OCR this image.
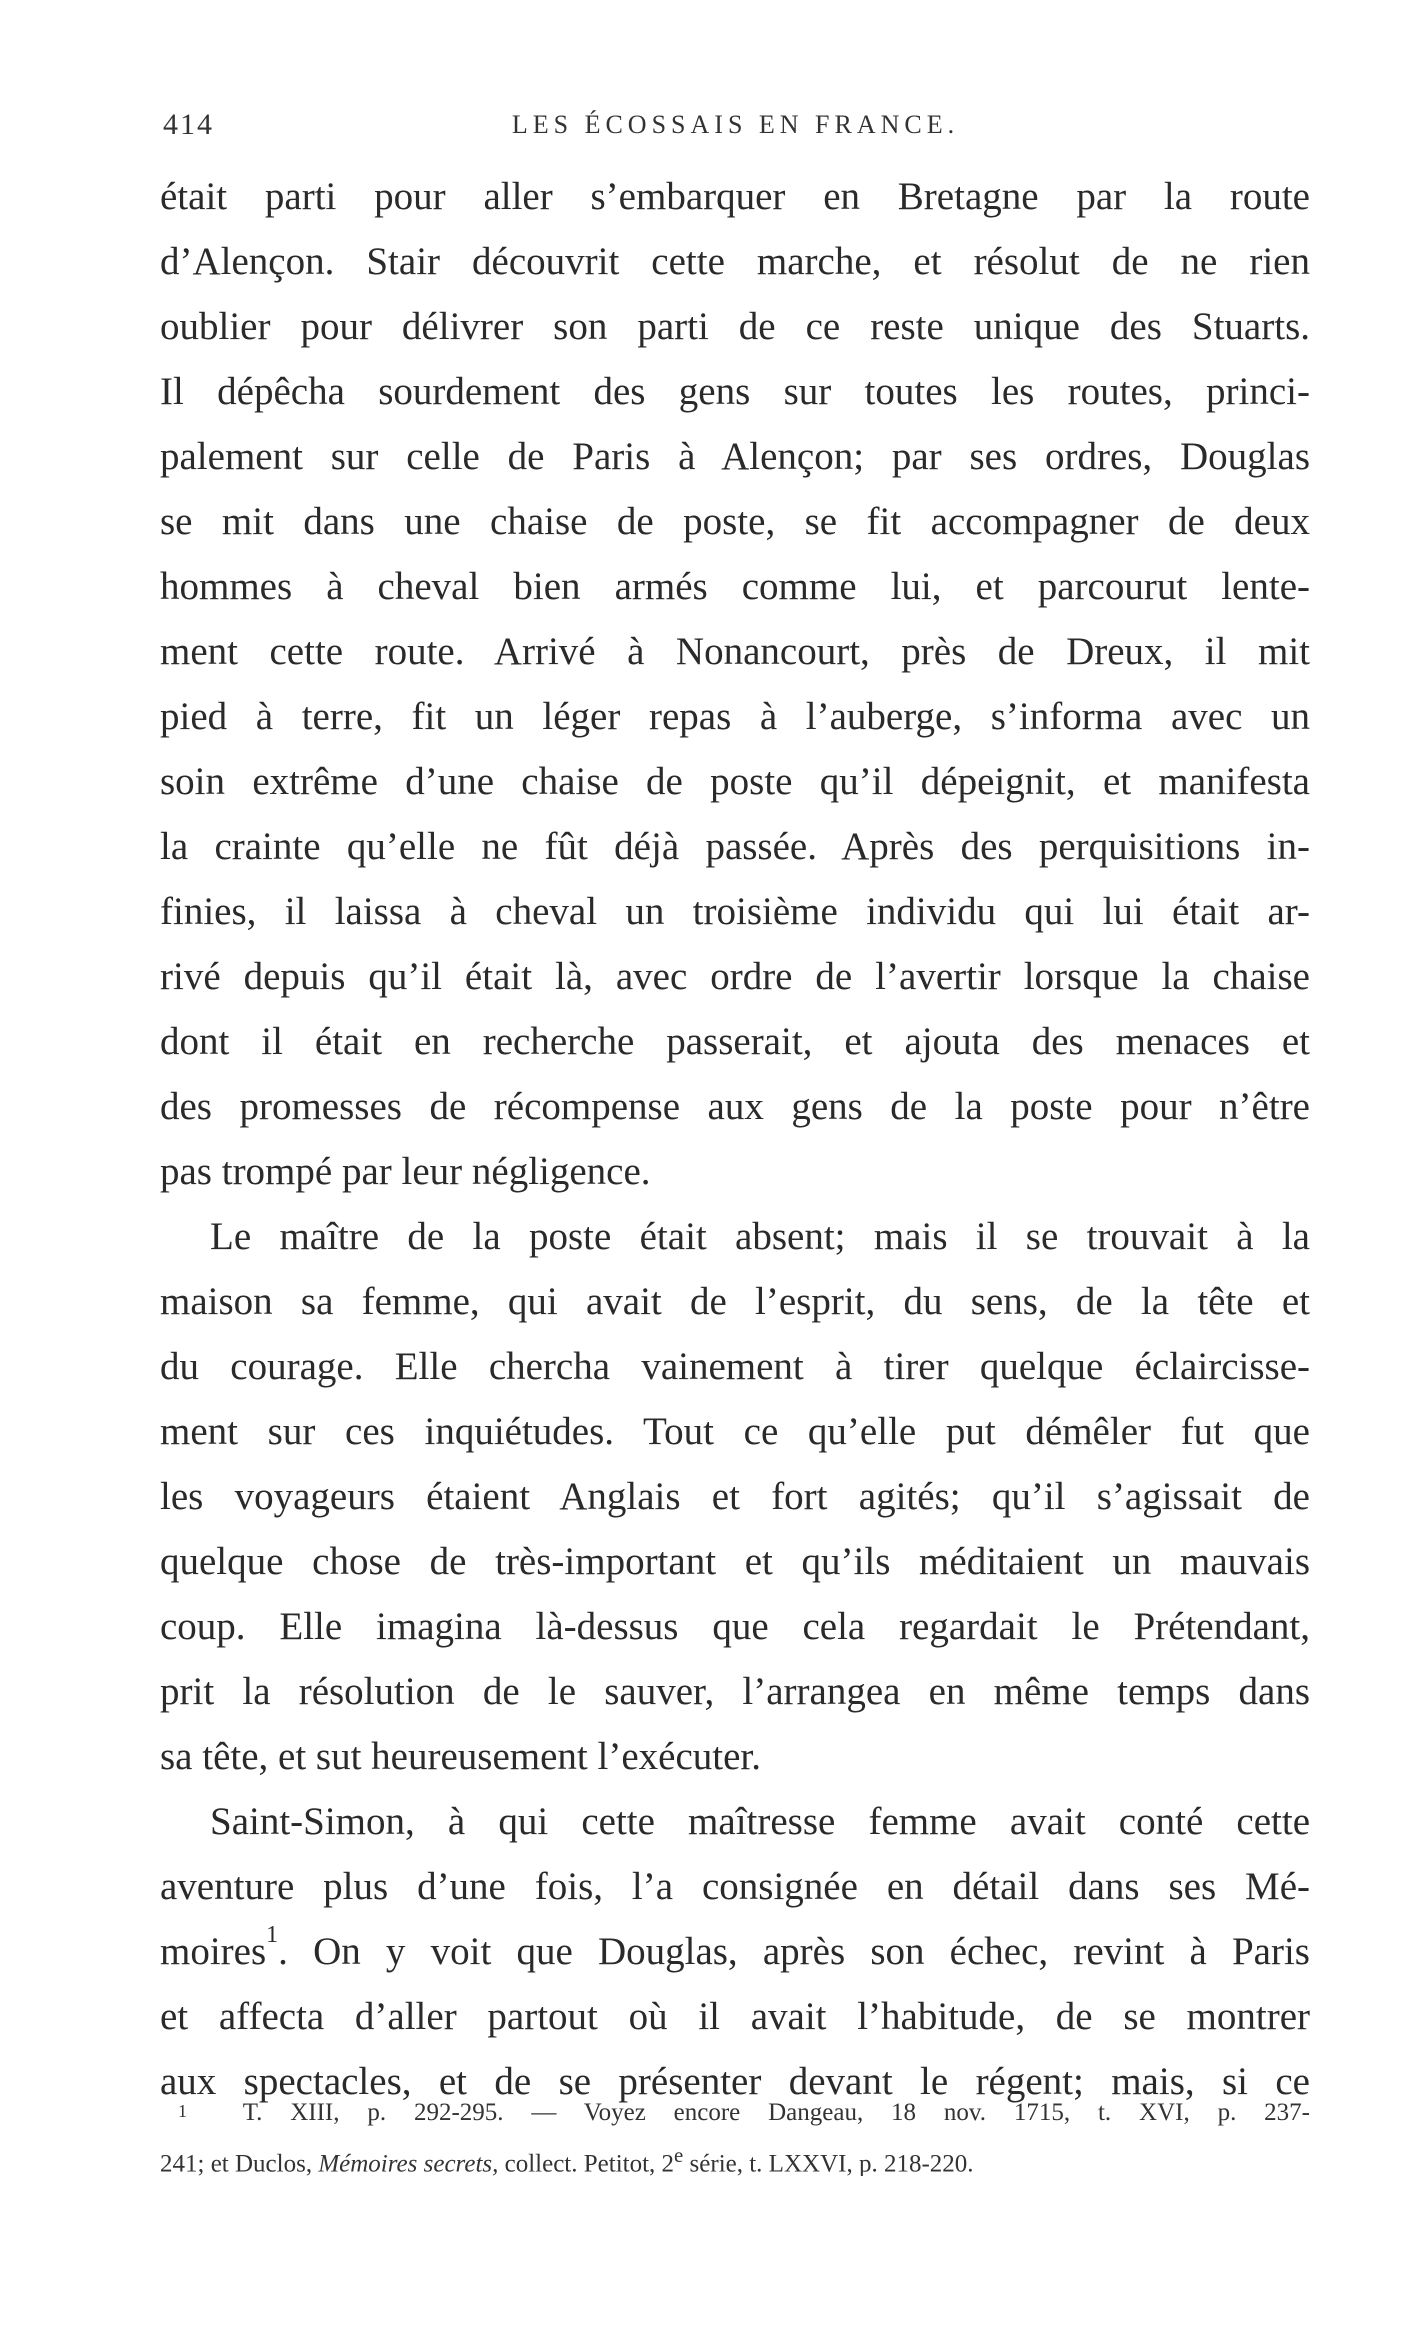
414	LES ÉCOSSAIS EN FRANCE.
était parti pour aller s’embarquer en Bretagne par la route
d’Alençon. Stair découvrit cette marche, et résolut de ne rien
oublier pour délivrer son parti de ce reste unique des Stuarts.
Il dépêcha sourdement des gens sur toutes les routes, princi-
palement sur celle de Paris à Alençon; par ses ordres, Douglas
se mit dans une chaise de poste, se fit accompagner de deux
hommes à cheval bien armés comme lui, et parcourut lente-
ment cette route. Arrivé à Nonancourt, près de Dreux, il mit
pied à terre, fit un léger repas à l’auberge, s’informa avec un
soin extrême d’une chaise de poste qu’il dépeignit, et manifesta
la crainte qu’elle ne fût déjà passée. Après des perquisitions in-
finies, il laissa à cheval un troisième individu qui lui était ar-
rivé depuis qu’il était là, avec ordre de l’avertir lorsque la chaise
dont il était en recherche passerait, et ajouta des menaces et
des promesses de récompense aux gens de la poste pour n’être
pas trompé par leur négligence.
Le maître de la poste était absent; mais il se trouvait à la
maison sa femme, qui avait de l’esprit, du sens, de la tête et
du courage. Elle chercha vainement à tirer quelque éclaircisse-
ment sur ces inquiétudes. Tout ce qu’elle put démêler fut que
les voyageurs étaient Anglais et fort agités; qu’il s’agissait de
quelque chose de très-important et qu’ils méditaient un mauvais
coup. Elle imagina là-dessus que cela regardait le Prétendant,
prit la résolution de le sauver, l’arrangea en même temps dans
sa tête, et sut heureusement l’exécuter.
Saint-Simon, à qui cette maîtresse femme avait conté cette
aventure plus d’une fois, l’a consignée en détail dans ses Mé-
moires$^1$. On y voit que Douglas, après son échec, revint à Paris
et affecta d’aller partout où il avait l’habitude, de se montrer
aux spectacles, et de se présenter devant le régent; mais, si ce
$^1$ T. XIII, p. 292-295. — Voyez encore Dangeau, 18 nov. 1715, t. XVI, p. 237-
241; et Duclos, Mémoires secrets, collect. Petitot, 2e série, t. LXXVI, p. 218-220.
